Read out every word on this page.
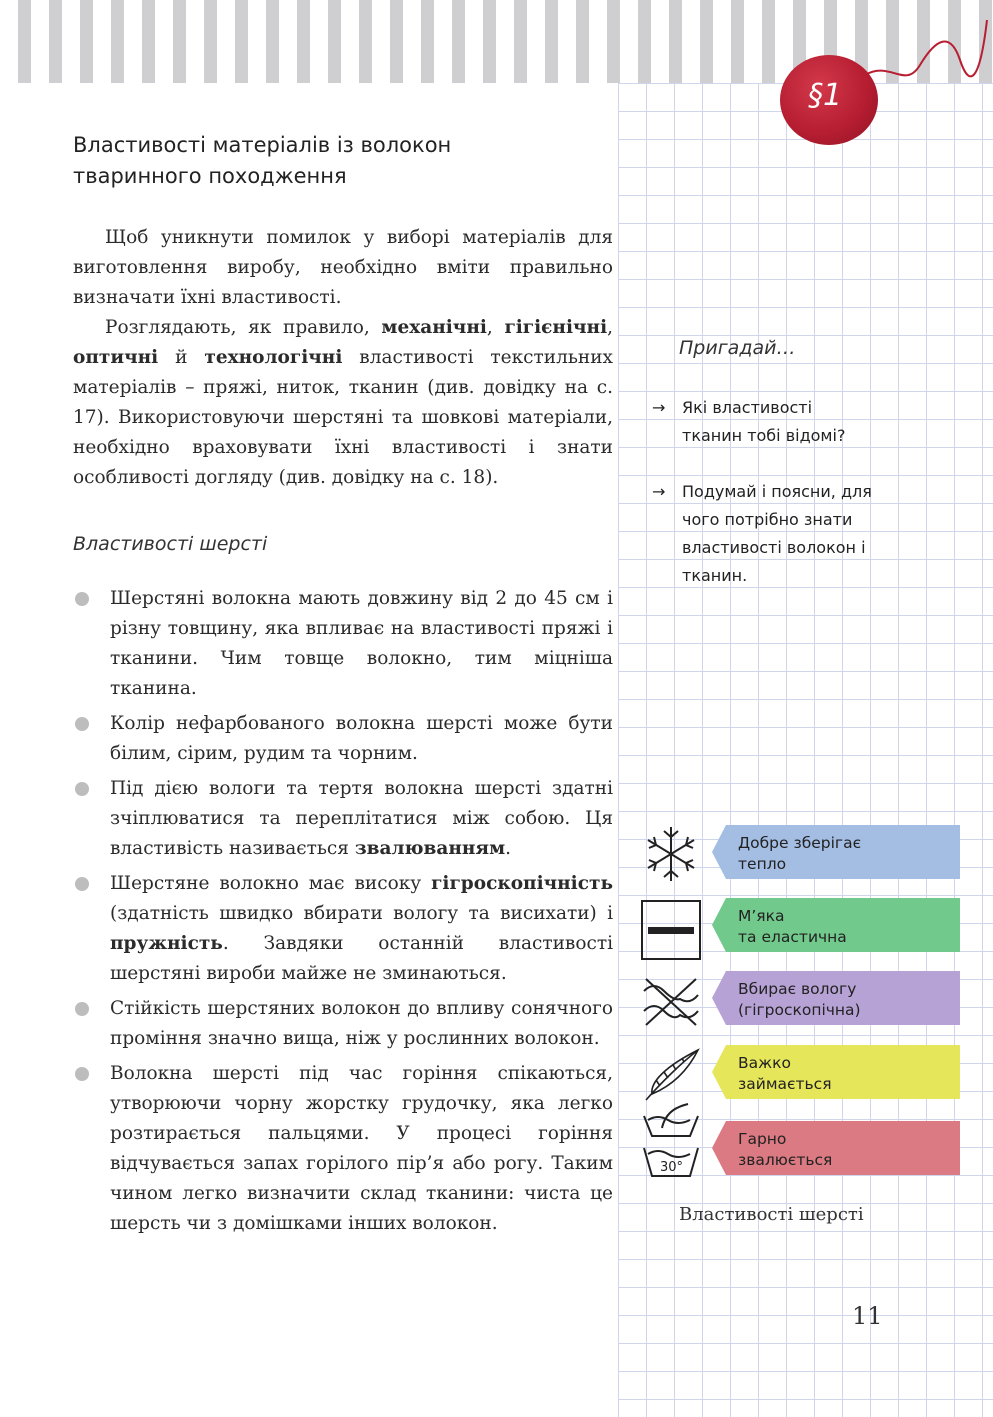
§1
Властивості матеріалів із волокон
тваринного походження

Щоб уникнути помилок у виборі матеріалів для виготовлення виробу, необхідно вміти правильно визначати їхні властивості.

Розглядають, як правило, механічні, гігієнічні, оптичні й технологічні властивості текстильних матеріалів – пряжі, ниток, тканин (див. довідку на с. 17). Використовуючи шерстяні та шовкові матеріали, необхідно враховувати їхні властивості і знати особливості догляду (див. довідку на с. 18).

Властивості шерсті
Шерстяні волокна мають довжину від 2 до 45 см і різну товщину, яка впливає на властивості пряжі і тканини. Чим товще волокно, тим міцніша тканина.
Колір нефарбованого волокна шерсті може бути білим, сірим, рудим та чорним.
Під дією вологи та тертя волокна шерсті здатні зчіплюватися та переплітатися між собою. Ця властивість називається звалюванням.
Шерстяне волокно має високу гігроскопічність (здатність швидко вбирати вологу та висихати) і пружність. Завдяки останній властивості шерстяні вироби майже не зминаються.
Стійкість шерстяних волокон до впливу сонячного проміння значно вища, ніж у рослинних волокон.
Волокна шерсті під час горіння спікаються, утворюючи чорну жорстку грудочку, яка легко розтирається пальцями. У процесі горіння відчувається запах горілого пір’я або рогу. Таким чином легко визначити склад тканини: чиста це шерсть чи з домішками інших волокон.
Пригадай…
→	Які властивості тканин тобі відомі?
→	Подумай і поясни, для чого потрібно знати властивості волокон і тканин.
30°
Добре зберігає
тепло
М’яка
та еластична
Вбирає вологу
(гігроскопічна)
Важко
займається
Гарно
звалюється
Властивості шерсті
11
